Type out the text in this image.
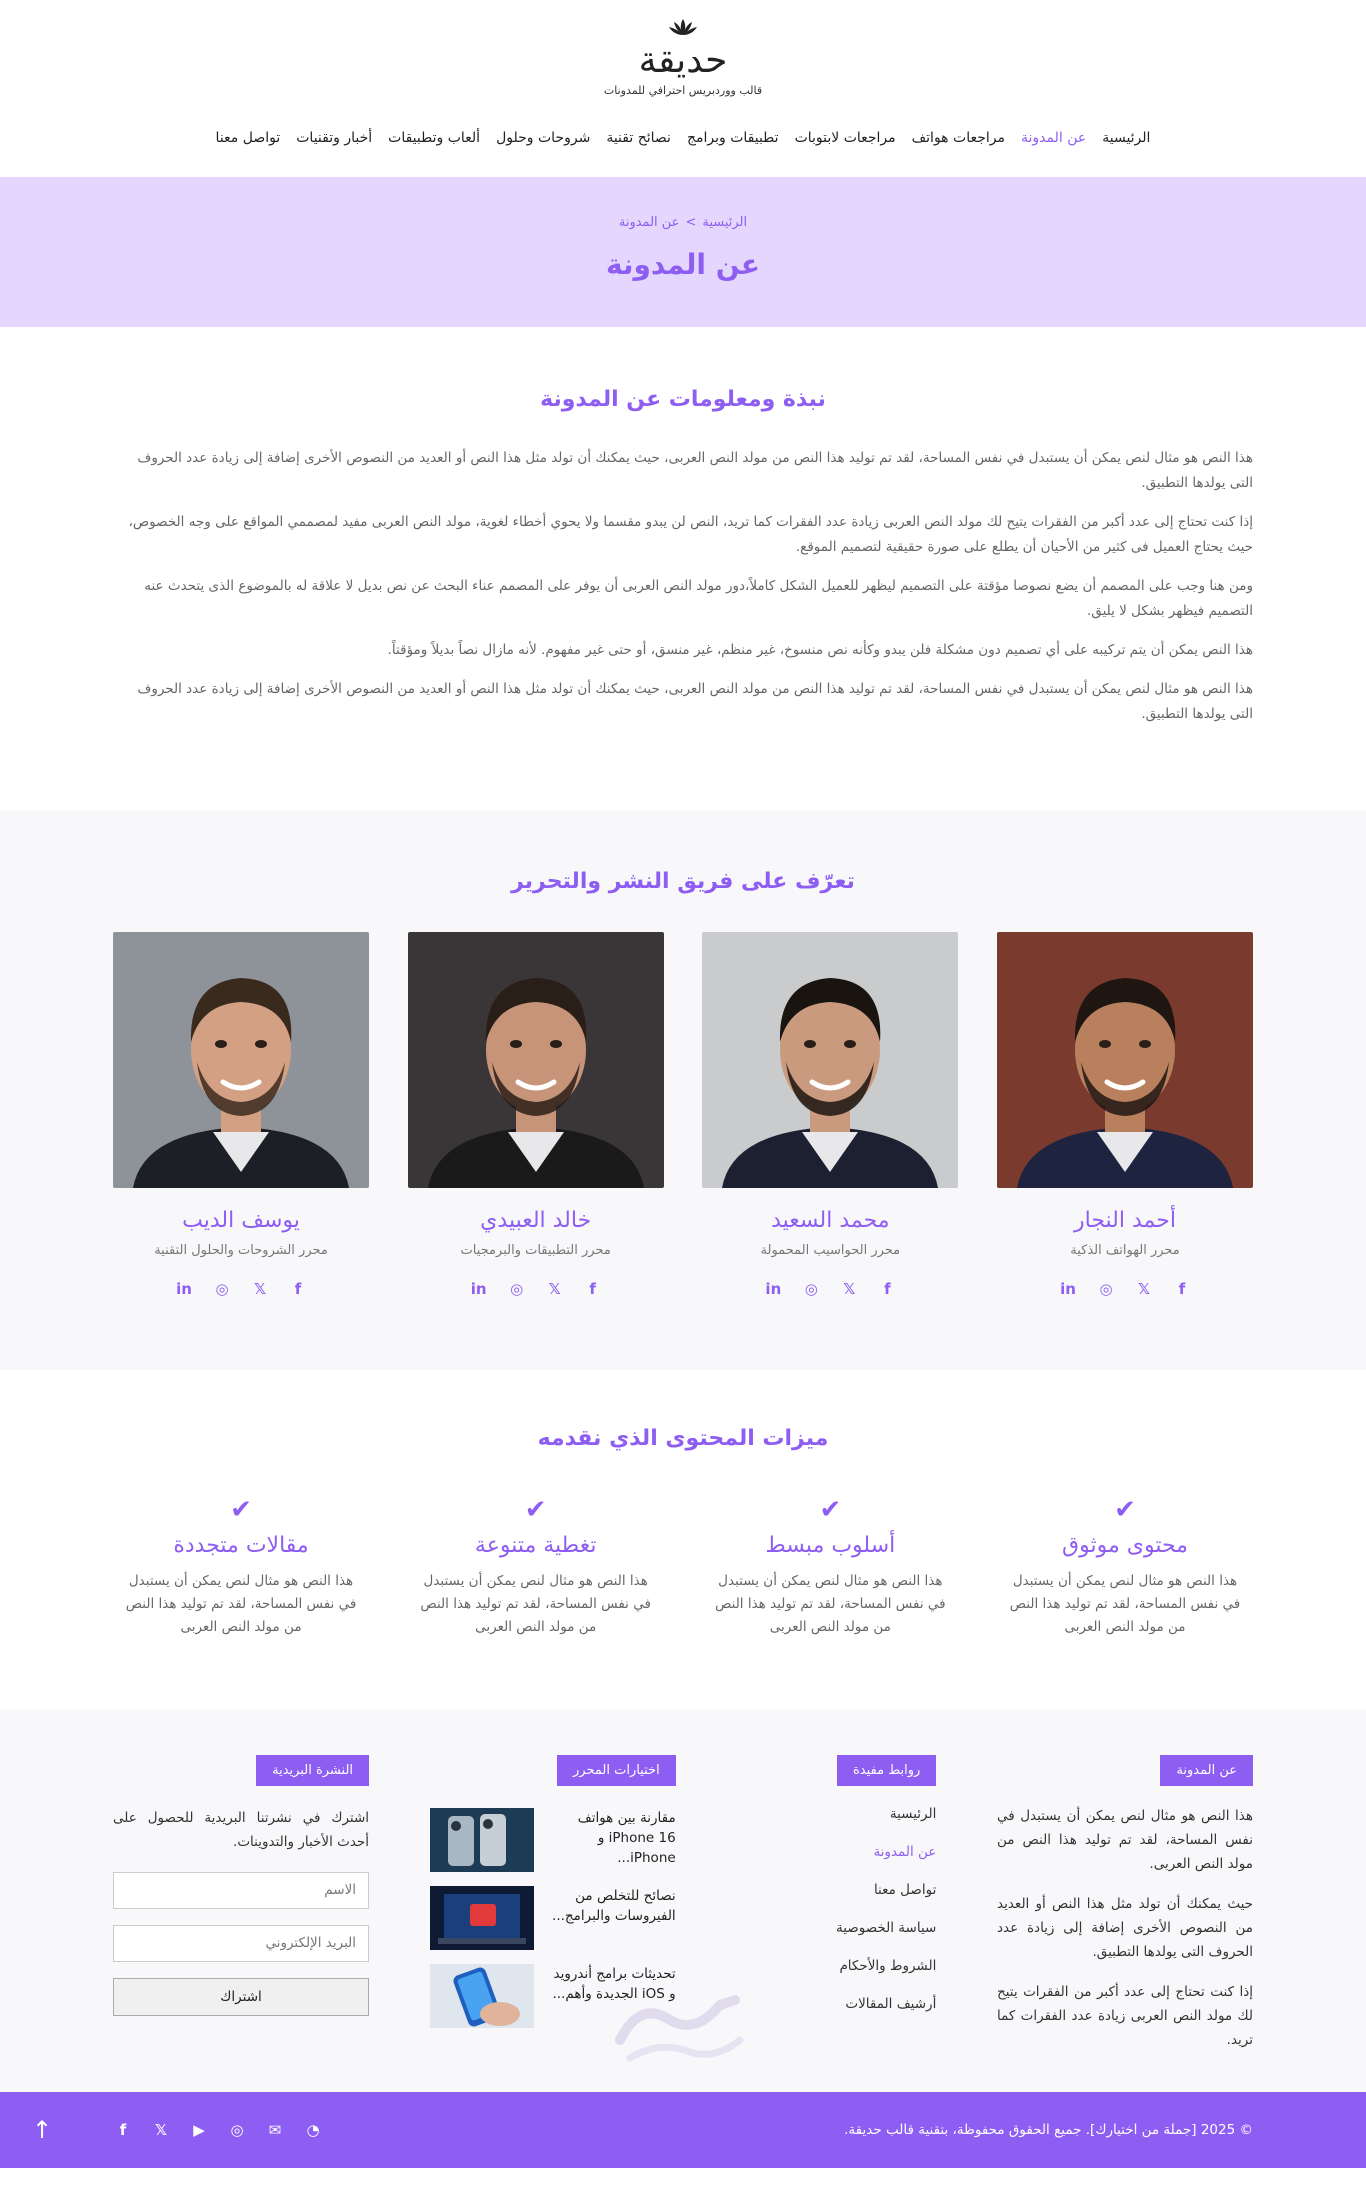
حديقة
قالب ووردبريس احترافي للمدونات
الرئيسية
عن المدونة
مراجعات هواتف
مراجعات لابتوبات
تطبيقات وبرامج
نصائح تقنية
شروحات وحلول
ألعاب وتطبيقات
أخبار وتقنيات
تواصل معنا
الرئيسية>عن المدونة
عن المدونة
نبذة ومعلومات عن المدونة

هذا النص هو مثال لنص يمكن أن يستبدل في نفس المساحة، لقد تم توليد هذا النص من مولد النص العربى، حيث يمكنك أن تولد مثل هذا النص أو العديد من النصوص الأخرى إضافة إلى زيادة عدد الحروف التى يولدها التطبيق.

إذا كنت تحتاج إلى عدد أكبر من الفقرات يتيح لك مولد النص العربى زيادة عدد الفقرات كما تريد، النص لن يبدو مقسما ولا يحوي أخطاء لغوية، مولد النص العربى مفيد لمصممي المواقع على وجه الخصوص، حيث يحتاج العميل فى كثير من الأحيان أن يطلع على صورة حقيقية لتصميم الموقع.

ومن هنا وجب على المصمم أن يضع نصوصا مؤقتة على التصميم ليظهر للعميل الشكل كاملاً،دور مولد النص العربى أن يوفر على المصمم عناء البحث عن نص بديل لا علاقة له بالموضوع الذى يتحدث عنه التصميم فيظهر بشكل لا يليق.

هذا النص يمكن أن يتم تركيبه على أي تصميم دون مشكلة فلن يبدو وكأنه نص منسوخ، غير منظم، غير منسق، أو حتى غير مفهوم. لأنه مازال نصاً بديلاً ومؤقتاً.

هذا النص هو مثال لنص يمكن أن يستبدل في نفس المساحة، لقد تم توليد هذا النص من مولد النص العربى، حيث يمكنك أن تولد مثل هذا النص أو العديد من النصوص الأخرى إضافة إلى زيادة عدد الحروف التى يولدها التطبيق.

تعرّف على فريق النشر والتحرير
أحمد النجار
محرر الهواتف الذكية
f
𝕏
◎
in
محمد السعيد
محرر الحواسيب المحمولة
f
𝕏
◎
in
خالد العبيدي
محرر التطبيقات والبرمجيات
f
𝕏
◎
in
يوسف الديب
محرر الشروحات والحلول التقنية
f
𝕏
◎
in
ميزات المحتوى الذي نقدمه
✔
محتوى موثوق
هذا النص هو مثال لنص يمكن أن يستبدل في نفس المساحة، لقد تم توليد هذا النص من مولد النص العربى
✔
أسلوب مبسط
هذا النص هو مثال لنص يمكن أن يستبدل في نفس المساحة، لقد تم توليد هذا النص من مولد النص العربى
✔
تغطية متنوعة
هذا النص هو مثال لنص يمكن أن يستبدل في نفس المساحة، لقد تم توليد هذا النص من مولد النص العربى
✔
مقالات متجددة
هذا النص هو مثال لنص يمكن أن يستبدل في نفس المساحة، لقد تم توليد هذا النص من مولد النص العربى
عن المدونة

هذا النص هو مثال لنص يمكن أن يستبدل في نفس المساحة، لقد تم توليد هذا النص من مولد النص العربى.

حيث يمكنك أن تولد مثل هذا النص أو العديد من النصوص الأخرى إضافة إلى زيادة عدد الحروف التى يولدها التطبيق.

إذا كنت تحتاج إلى عدد أكبر من الفقرات يتيح لك مولد النص العربى زيادة عدد الفقرات كما تريد.

روابط مفيدة
الرئيسية
عن المدونة
تواصل معنا
سياسة الخصوصية
الشروط والأحكام
أرشيف المقالات
اختيارات المحرر
مقارنة بين هواتف iPhone 16 و iPhone...
نصائح للتخلص من الفيروسات والبرامج...
تحديثات برامج أندرويد و iOS الجديدة وأهم...
النشرة البريدية

اشترك في نشرتنا البريدية للحصول على أحدث الأخبار والتدوينات.

الاسم
البريد الإلكتروني
اشتراك
© 2025 [جملة من اختيارك]. جميع الحقوق محفوظة، بتقنية قالب حديقة.
f	𝕏 ▶ ◎ ✉ ◔
↑
